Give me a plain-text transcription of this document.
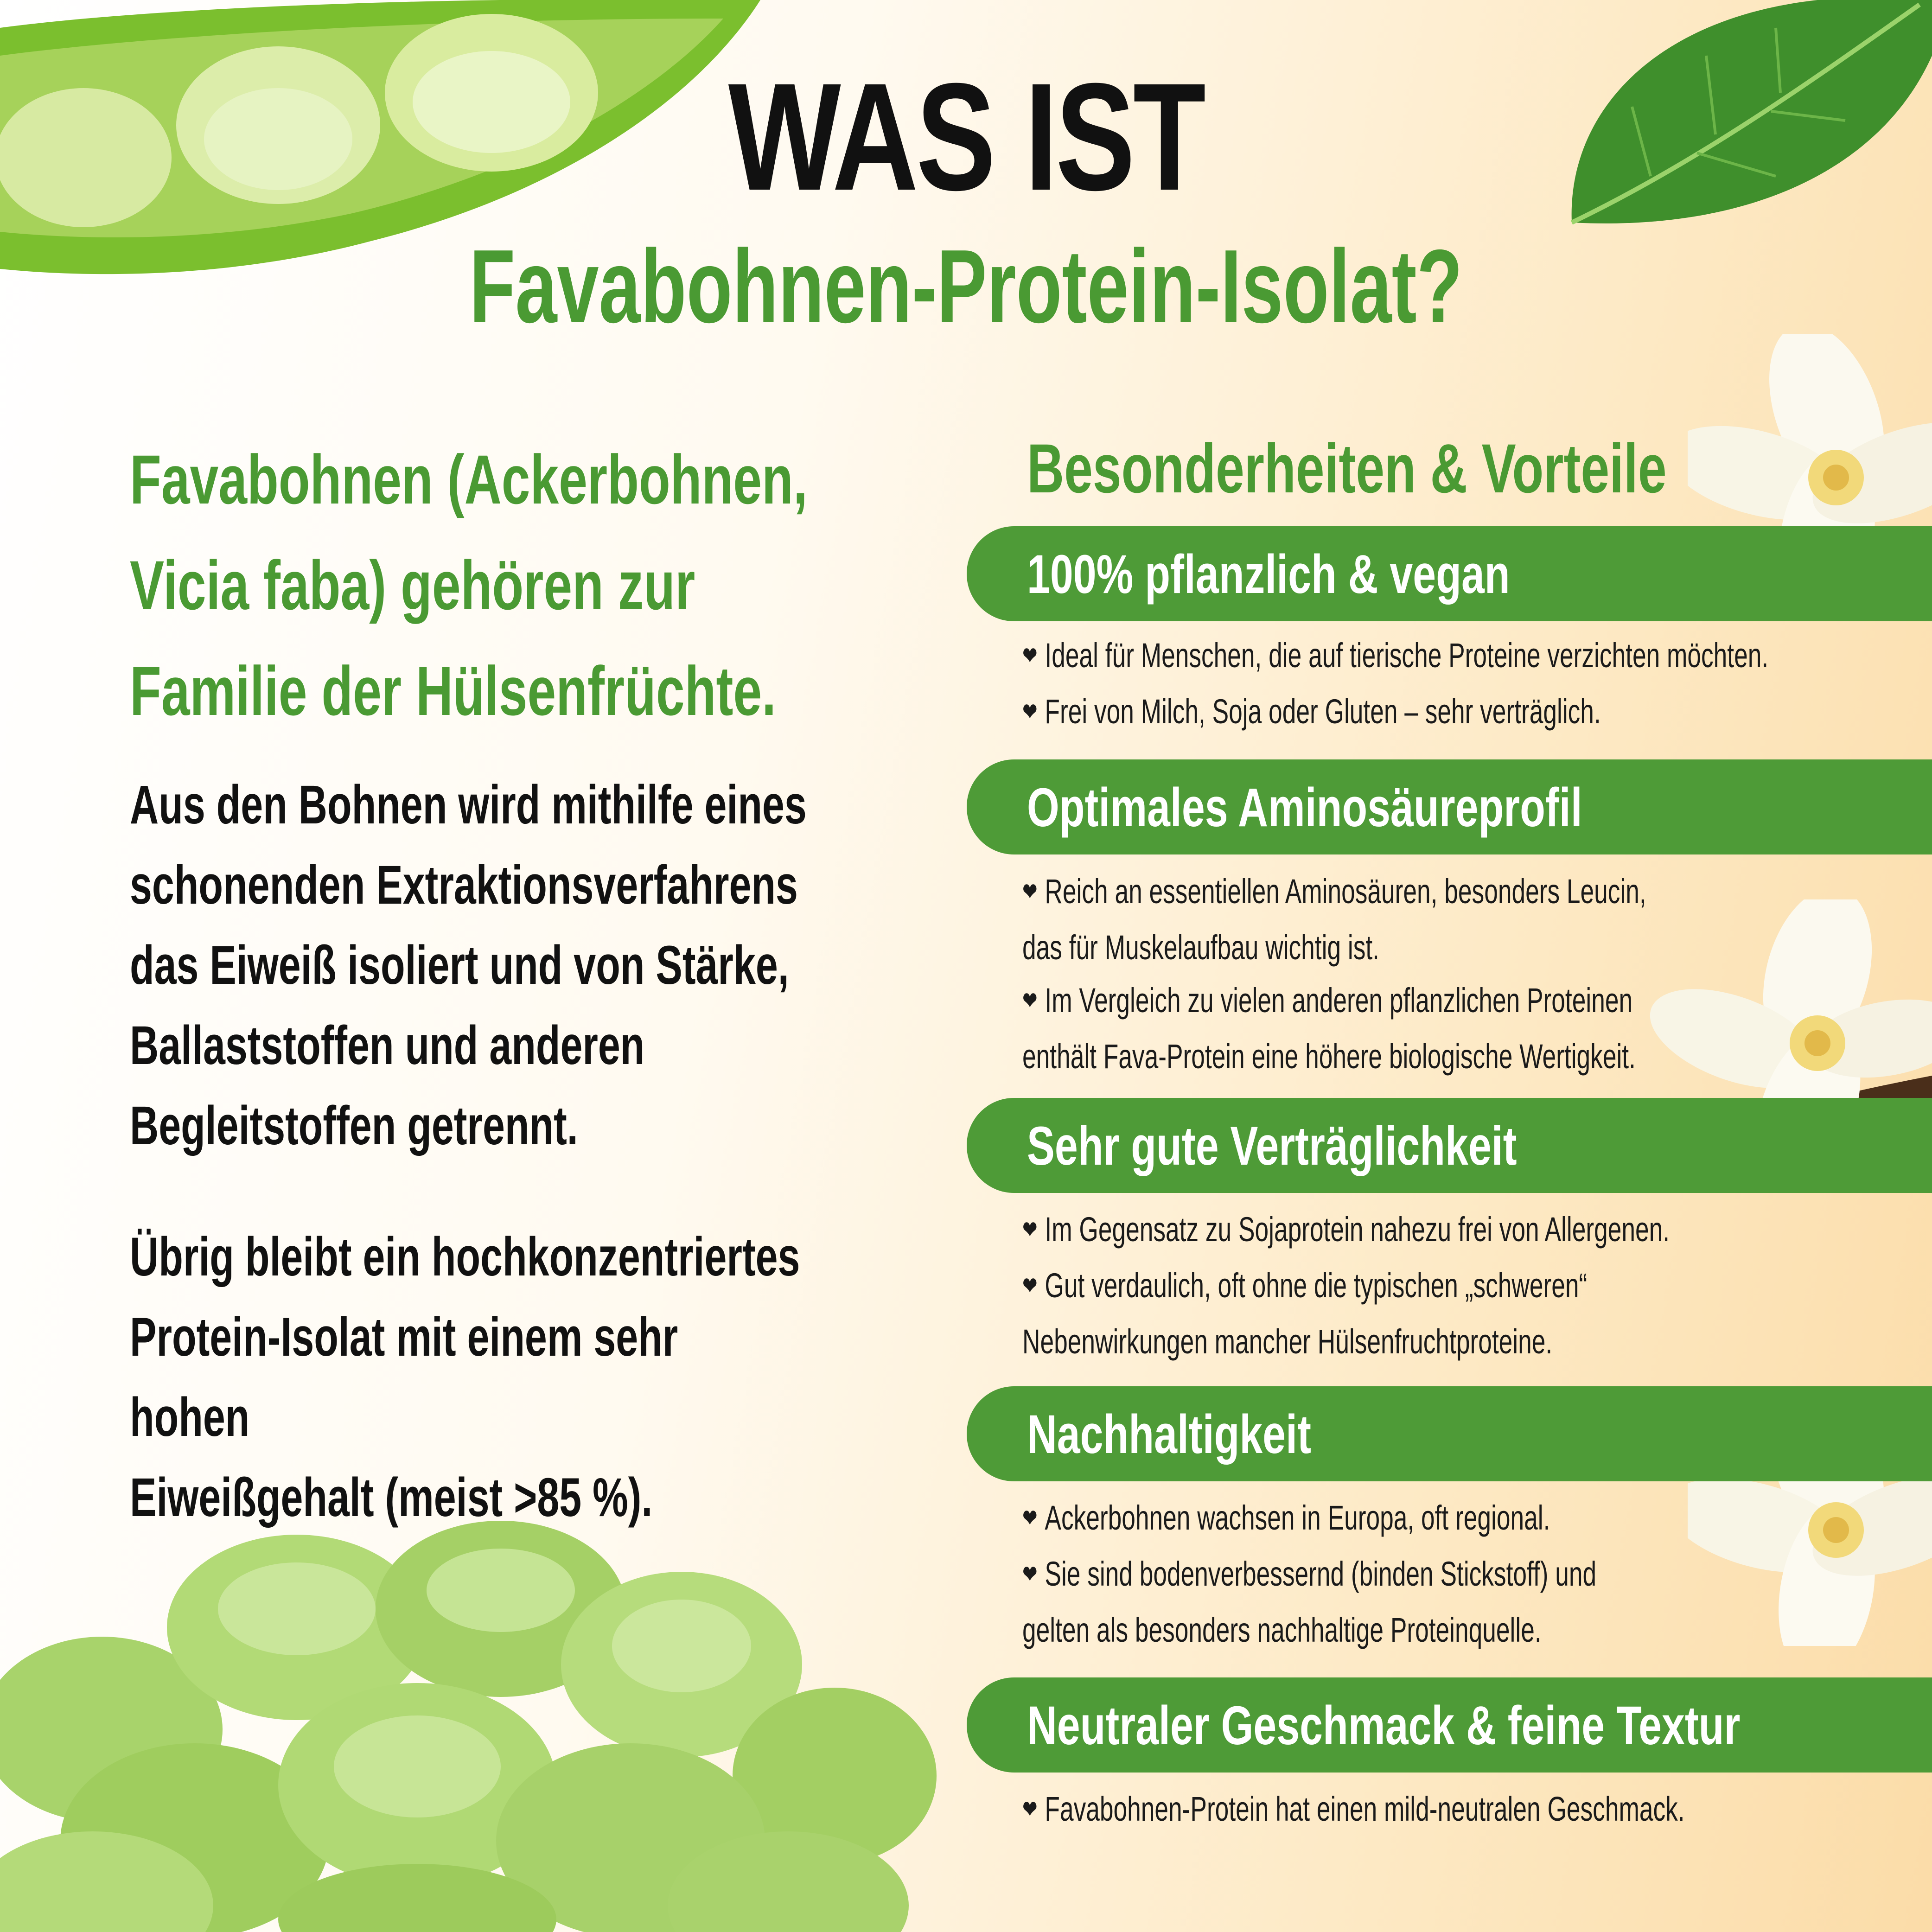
WAS IST
Favabohnen-Protein-Isolat?
Favabohnen (Ackerbohnen,
Vicia faba) gehören zur
Familie der Hülsenfrüchte.
Aus den Bohnen wird mithilfe eines
schonenden Extraktionsverfahrens
das Eiweiß isoliert und von Stärke,
Ballaststoffen und anderen
Begleitstoffen getrennt.
Übrig bleibt ein hochkonzentriertes
Protein-Isolat mit einem sehr hohen
Eiweißgehalt (meist >85 %).
Besonderheiten & Vorteile
100% pflanzlich & vegan
❤ Ideal für Menschen, die auf tierische Proteine verzichten möchten.
❤ Frei von Milch, Soja oder Gluten – sehr verträglich.
Optimales Aminosäureprofil
❤ Reich an essentiellen Aminosäuren, besonders Leucin,
das für Muskelaufbau wichtig ist.
❤ Im Vergleich zu vielen anderen pflanzlichen Proteinen
enthält Fava-Protein eine höhere biologische Wertigkeit.
Sehr gute Verträglichkeit
❤ Im Gegensatz zu Sojaprotein nahezu frei von Allergenen.
❤ Gut verdaulich, oft ohne die typischen „schweren“
Nebenwirkungen mancher Hülsenfruchtproteine.
Nachhaltigkeit
❤ Ackerbohnen wachsen in Europa, oft regional.
❤ Sie sind bodenverbessernd (binden Stickstoff) und
gelten als besonders nachhaltige Proteinquelle.
Neutraler Geschmack & feine Textur
❤ Favabohnen-Protein hat einen mild-neutralen Geschmack.
